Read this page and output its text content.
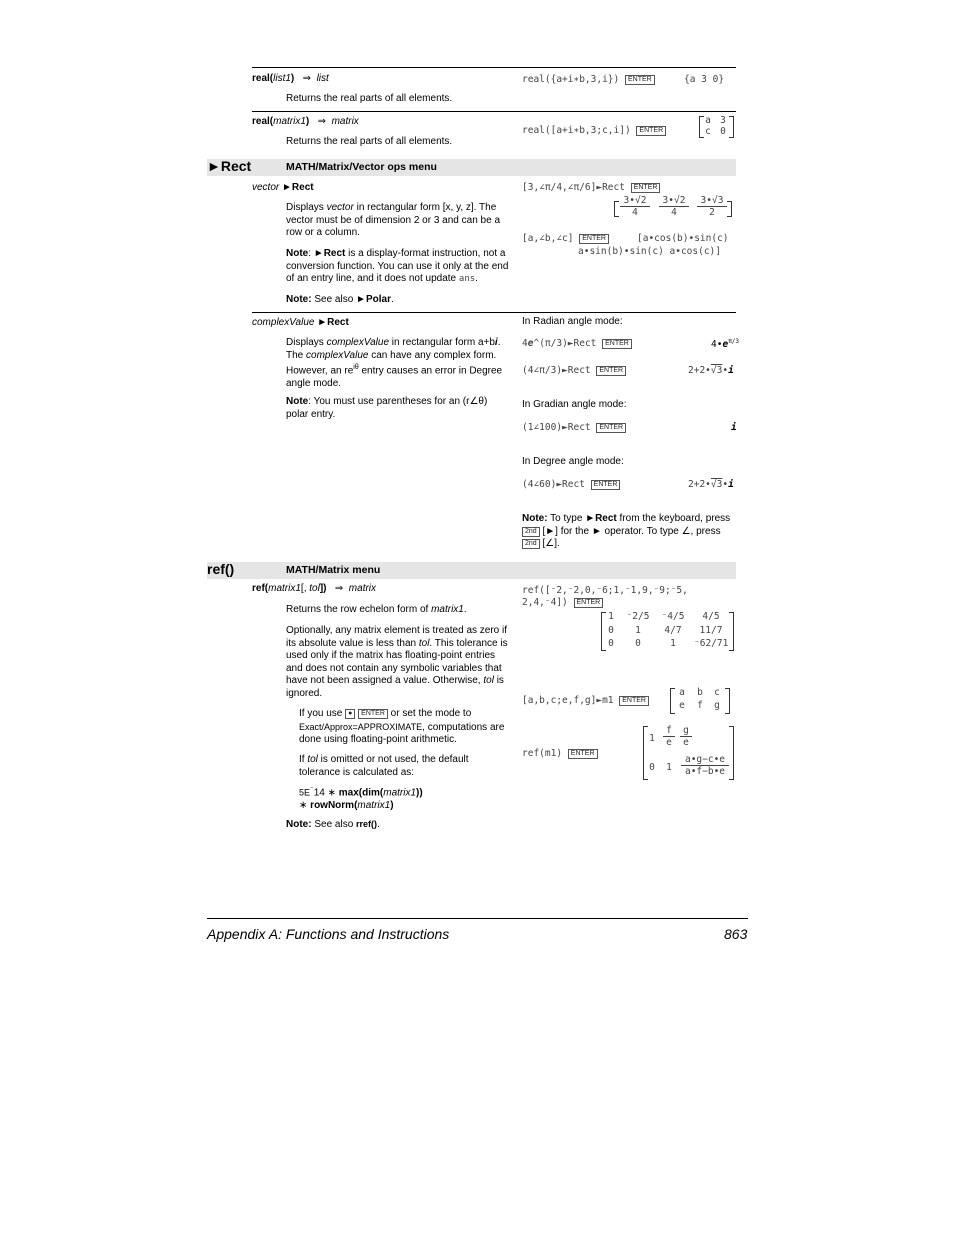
real(list1) ⇒ list
Returns the real parts of all elements.
real({a+i∗b,3,i}) ENTER	{a 3 0}
real(matrix1) ⇒ matrix
Returns the real parts of all elements.
real([a+i∗b,3;c,i]) ENTER
a 3
c 0
►Rect	MATH/Matrix/Vector ops menu
vector ►Rect
Displays vector in rectangular form [x, y, z]. The vector must be of dimension 2 or 3 and can be a row or a column.
Note: ►Rect is a display-format instruction, not a conversion function. You can use it only at the end of an entry line, and it does not update ans.
Note: See also ►Polar.
[3,∠π/4,∠π/6]►Rect ENTER
$\frac{3•√2}{4} \frac{3•√2}{4} \frac{3•√3}{2}$
[a,∠b,∠c] ENTER	[a•cos(b)•sin(c)
a•sin(b)•sin(c) a•cos(c)]
complexValue ►Rect
Displays complexValue in rectangular form a+bi. The complexValue can have any complex form. However, an $re^{i\theta}$ entry causes an error in Degree angle mode.
Note: You must use parentheses for an (r∠θ) polar entry.
In Radian angle mode:
4e^(π/3)►Rect ENTER	$4•e^{\pi/3}$
(4∠π/3)►Rect ENTER	2+2•√3•i
In Gradian angle mode:
(1∠100)►Rect ENTER	i
In Degree angle mode:
(4∠60)►Rect ENTER	2+2•√3•i
Note: To type ►Rect from the keyboard, press
2nd [►] for the ► operator. To type ∠, press
2nd [∠].
ref()	MATH/Matrix menu
ref(matrix1[, tol]) ⇒ matrix
Returns the row echelon form of matrix1.
Optionally, any matrix element is treated as zero if its absolute value is less than tol. This tolerance is used only if the matrix has floating-point entries and does not contain any symbolic variables that have not been assigned a value. Otherwise, tol is ignored.
If you use ● ENTER or set the mode to
Exact/Approx=APPROXIMATE, computations are done using floating-point arithmetic.
If tol is omitted or not used, the default tolerance is calculated as:
5E⁻14 ∗ max(dim(matrix1))
∗ rowNorm(matrix1)
Note: See also rref().
ref([⁻2,⁻2,0,⁻6;1,⁻1,9,⁻9;⁻5,
2,4,⁻4]) ENTER
1	⁻2/5	⁻4/5	4/5
0	1	4/7	11/7
0	0	1	⁻62/71
[a,b,c;e,f,g]►m1 ENTER
a	b	c
e	f	g
ref(m1) ENTER
$1 \frac{f}{e} \frac{g}{e}$
0	$1 \frac{a•g-c•e}{a•f-b•e}$
Appendix A: Functions and Instructions	863
